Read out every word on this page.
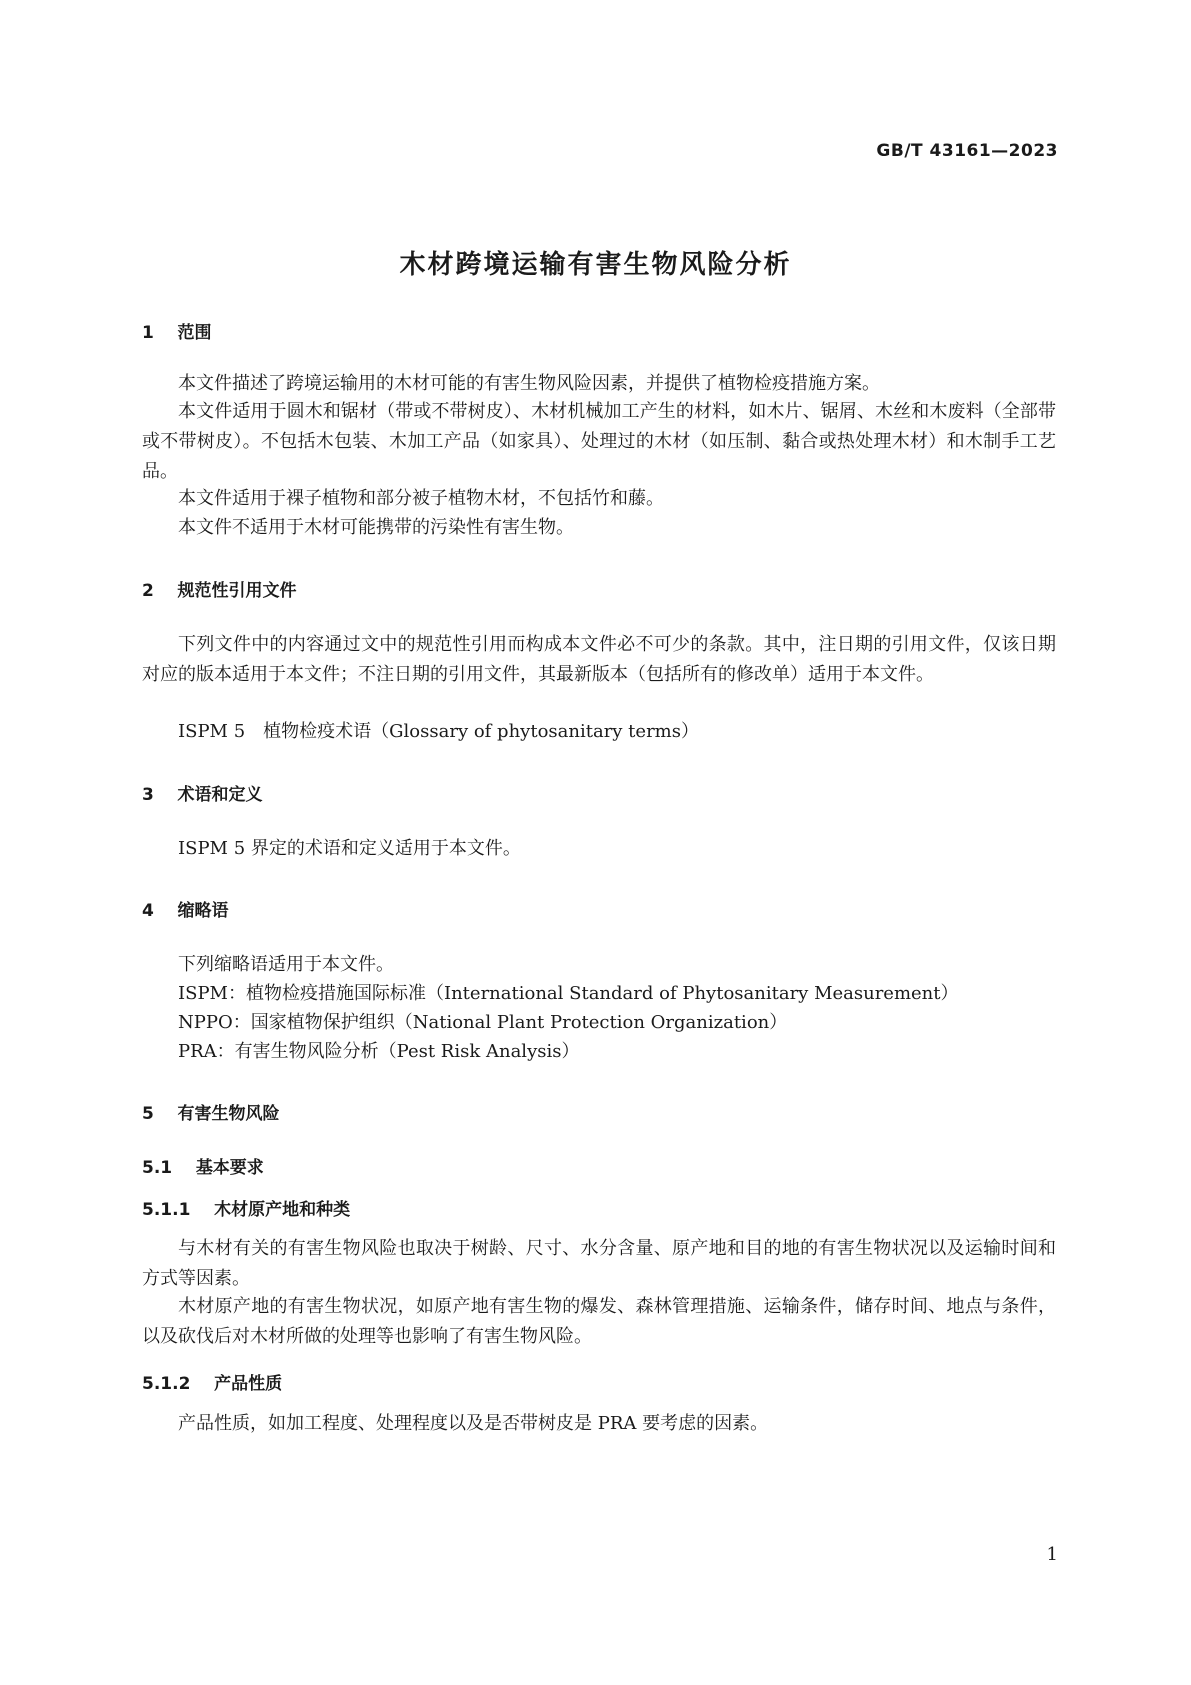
GB/T 43161—2023
木材跨境运输有害生物风险分析
1 范围

本文件描述了跨境运输用的木材可能的有害生物风险因素，并提供了植物检疫措施方案。

本文件适用于圆木和锯材（带或不带树皮）、木材机械加工产生的材料，如木片、锯屑、木丝和木废料（全部带或不带树皮）。不包括木包装、木加工产品（如家具）、处理过的木材（如压制、黏合或热处理木材）和木制手工艺品。

本文件适用于裸子植物和部分被子植物木材，不包括竹和藤。

本文件不适用于木材可能携带的污染性有害生物。

2 规范性引用文件

下列文件中的内容通过文中的规范性引用而构成本文件必不可少的条款。其中，注日期的引用文件，仅该日期对应的版本适用于本文件；不注日期的引用文件，其最新版本（包括所有的修改单）适用于本文件。

ISPM 5　植物检疫术语（Glossary of phytosanitary terms）

3 术语和定义

ISPM 5 界定的术语和定义适用于本文件。

4 缩略语

下列缩略语适用于本文件。

ISPM：植物检疫措施国际标准（International Standard of Phytosanitary Measurement）

NPPO：国家植物保护组织（National Plant Protection Organization）

PRA：有害生物风险分析（Pest Risk Analysis）

5 有害生物风险
5.1 基本要求
5.1.1 木材原产地和种类

与木材有关的有害生物风险也取决于树龄、尺寸、水分含量、原产地和目的地的有害生物状况以及运输时间和方式等因素。

木材原产地的有害生物状况，如原产地有害生物的爆发、森林管理措施、运输条件，储存时间、地点与条件，以及砍伐后对木材所做的处理等也影响了有害生物风险。

5.1.2 产品性质

产品性质，如加工程度、处理程度以及是否带树皮是 PRA 要考虑的因素。

1
